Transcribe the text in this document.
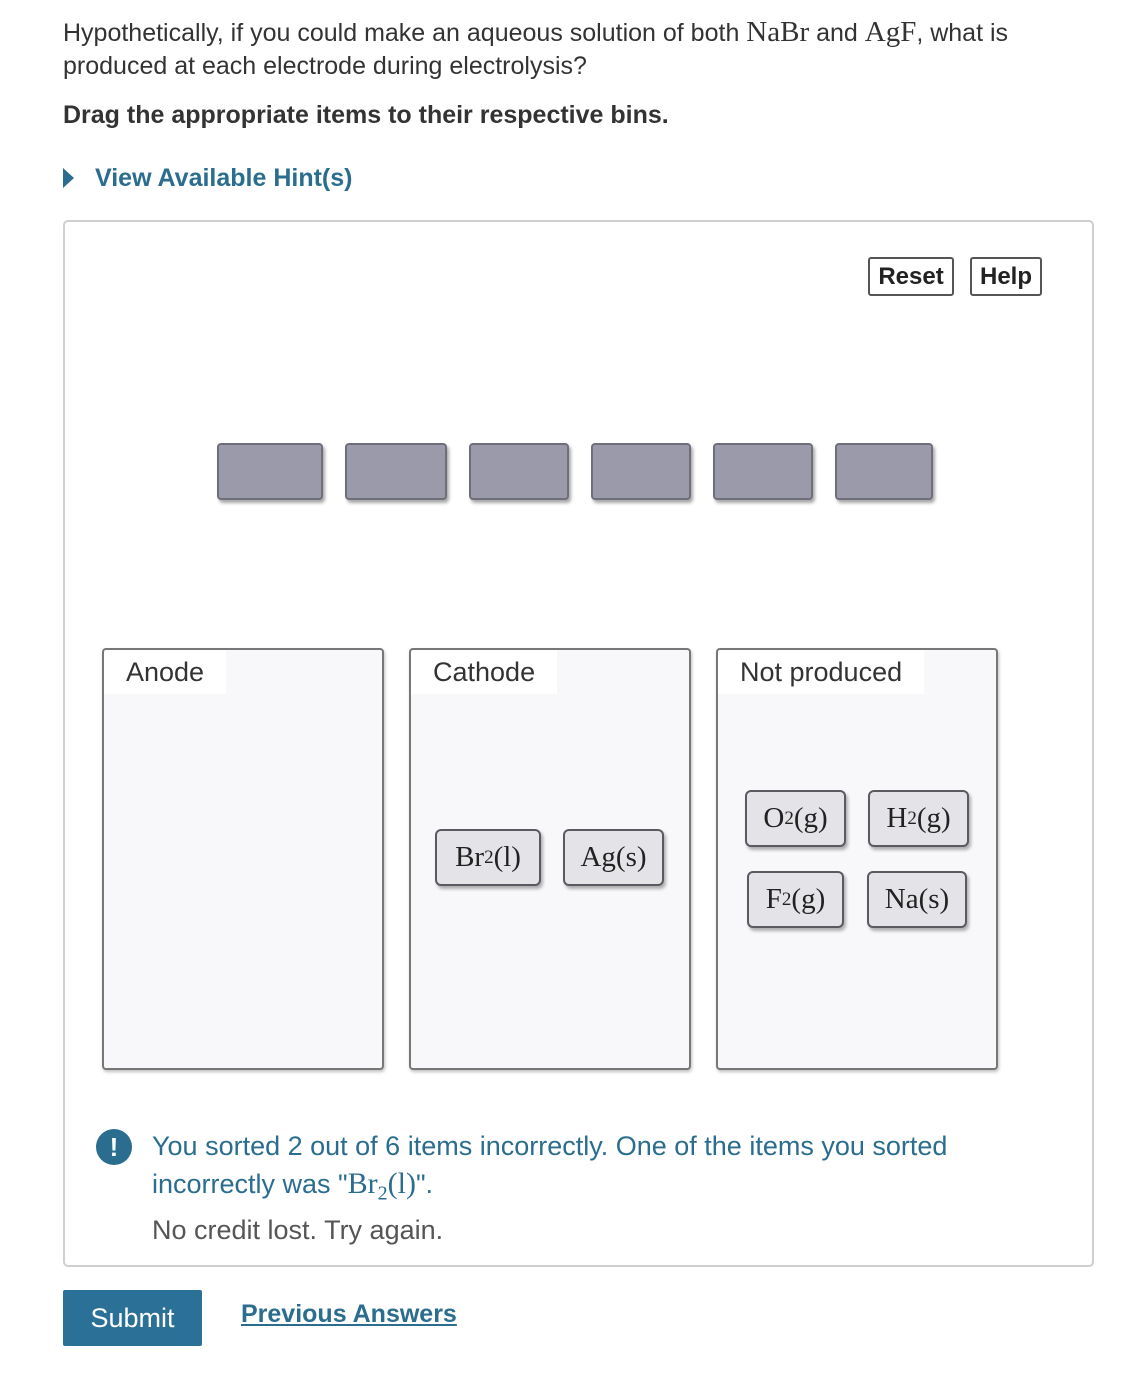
Hypothetically, if you could make an aqueous solution of both NaBr and AgF, what is produced at each electrode during electrolysis?
Drag the appropriate items to their respective bins.
View Available Hint(s)
Reset	Help
Anode	Cathode	Not produced
Br 2 (l) Ag(s)
O 2 (g) H 2 (g)
F 2 (g) Na(s)
!	You sorted 2 out of 6 items incorrectly. One of the items you sorted incorrectly was "$Br_2(l)$".
No credit lost. Try again.
Submit	Previous Answers
